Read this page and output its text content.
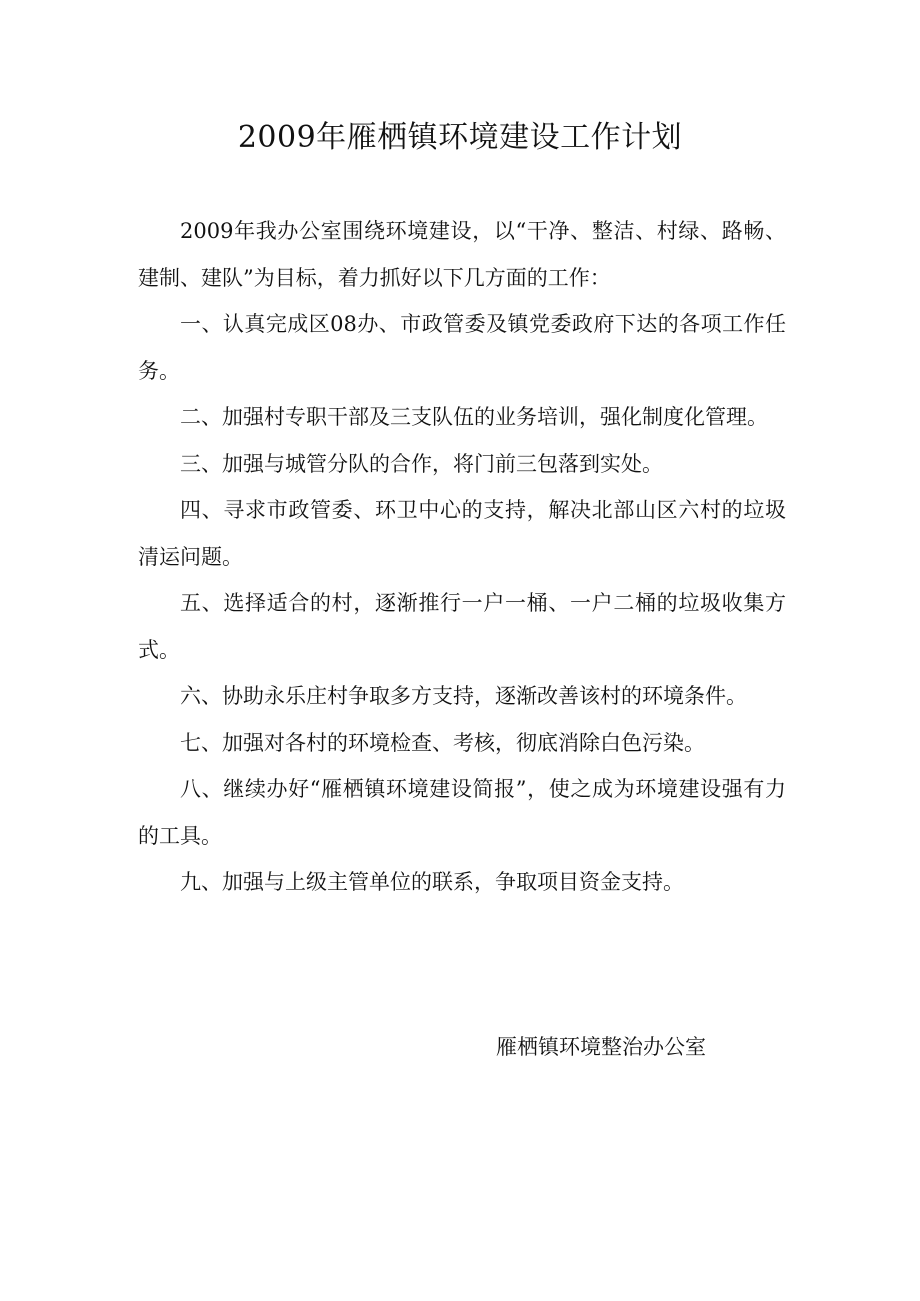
2009年雁栖镇环境建设工作计划

2009年我办公室围绕环境建设，以“干净、整洁、村绿、路畅、建制、建队”为目标，着力抓好以下几方面的工作：

一、认真完成区08办、市政管委及镇党委政府下达的各项工作任务。

二、加强村专职干部及三支队伍的业务培训，强化制度化管理。

三、加强与城管分队的合作，将门前三包落到实处。

四、寻求市政管委、环卫中心的支持，解决北部山区六村的垃圾清运问题。

五、选择适合的村，逐渐推行一户一桶、一户二桶的垃圾收集方式。

六、协助永乐庄村争取多方支持，逐渐改善该村的环境条件。

七、加强对各村的环境检查、考核，彻底消除白色污染。

八、继续办好“雁栖镇环境建设简报”，使之成为环境建设强有力的工具。

九、加强与上级主管单位的联系，争取项目资金支持。

雁栖镇环境整治办公室
